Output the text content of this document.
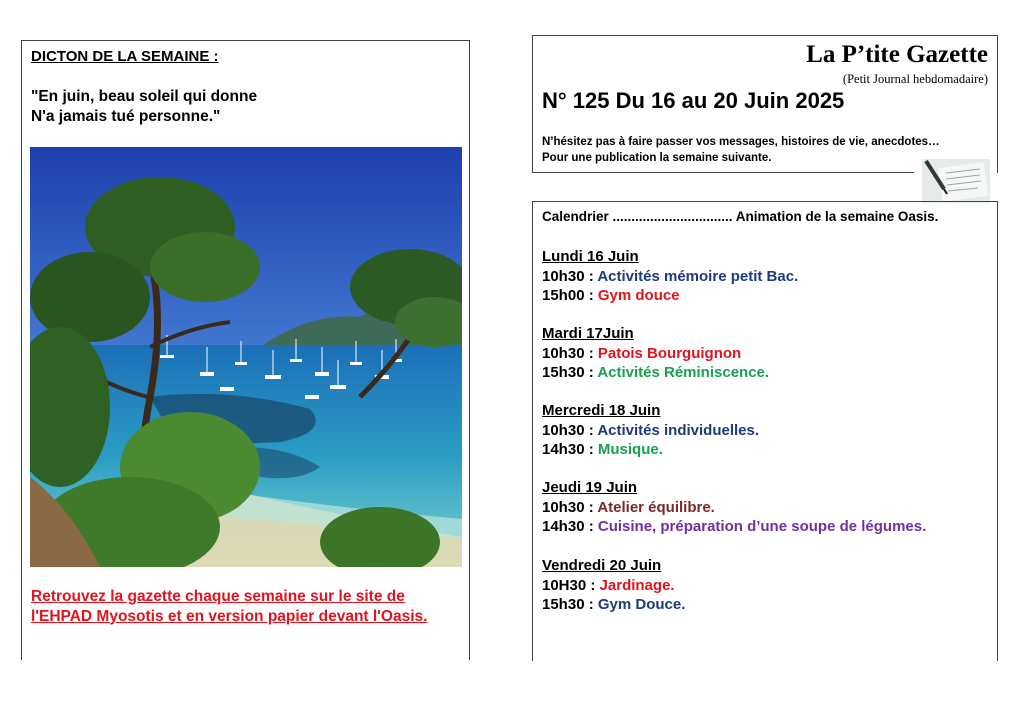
DICTON DE LA SEMAINE :
"En juin, beau soleil qui donne
N'a jamais tué personne."
Retrouvez la gazette chaque semaine sur le site de l'EHPAD Myosotis et en version papier devant l'Oasis.
La P’tite Gazette
(Petit Journal hebdomadaire)
N° 125 Du 16 au 20 Juin 2025
N’hésitez pas à faire passer vos messages, histoires de vie, anecdotes…
Pour une publication la semaine suivante.
Calendrier ................................ Animation de la semaine Oasis.
Lundi 16 Juin
10h30 : Activités mémoire petit Bac.
15h00 : Gym douce
Mardi 17Juin
10h30 : Patois Bourguignon
15h30 : Activités Réminiscence.
Mercredi 18 Juin
10h30 : Activités individuelles.
14h30 : Musique.
Jeudi 19 Juin
10h30 : Atelier équilibre.
14h30 : Cuisine, préparation d’une soupe de légumes.
Vendredi 20 Juin
10H30 : Jardinage.
15h30 : Gym Douce.
